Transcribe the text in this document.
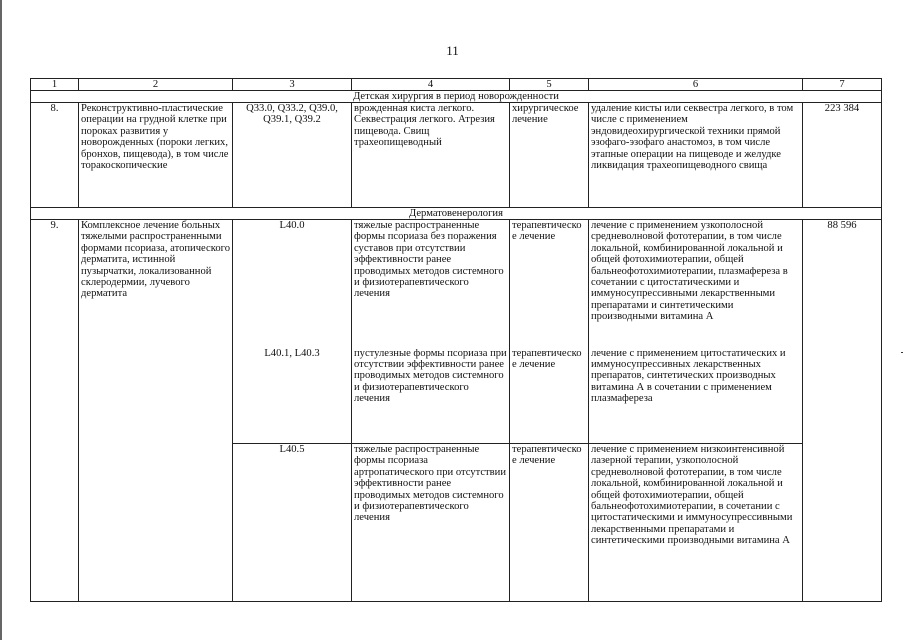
11
1	2	3	4	5	6	7
Детская хирургия в период новорожденности						
8.	Реконструктивно-пластические операции на грудной клетке при пороках развития у новорожденных (пороки легких, бронхов, пищевода), в том числе торакоскопические	Q33.0, Q33.2, Q39.0, Q39.1, Q39.2	врожденная киста легкого. Секвестрация легкого. Атрезия пищевода. Свищ трахеопищеводный	хирургическое лечение	удаление кисты или секвестра легкого, в том числе с применением эндовидеохирургической техники прямой эзофаго-эзофаго анастомоз, в том числе этапные операции на пищеводе и желудке ликвидация трахеопищеводного свища	223 384
Дерматовенерология						
9.	Комплексное лечение больных тяжелыми распространенными формами псориаза, атопического дерматита, истинной пузырчатки, локализованной склеродермии, лучевого дерматита	L40.0	тяжелые распространенные формы псориаза без поражения суставов при отсутствии эффективности ранее проводимых методов системного и физиотерапевтического лечения	терапевтическое лечение	лечение с применением узкополосной средневолновой фототерапии, в том числе локальной, комбинированной локальной и общей фотохимиотерапии, общей бальнеофотохимиотерапии, плазмафереза в сочетании с цитостатическими и иммуносупрессивными лекарственными препаратами и синтетическими производными витамина А	88 596
		L40.1, L40.3	пустулезные формы псориаза при отсутствии эффективности ранее проводимых методов системного и физиотерапевтического лечения	терапевтическое лечение	лечение с применением цитостатических и иммуносупрессивных лекарственных препаратов, синтетических производных витамина А в сочетании с применением плазмафереза	
		L40.5	тяжелые распространенные формы псориаза артропатического при отсутствии эффективности ранее проводимых методов системного и физиотерапевтического лечения	терапевтическое лечение	лечение с применением низкоинтенсивной лазерной терапии, узкополосной средневолновой фототерапии, в том числе локальной, комбинированной локальной и общей фотохимиотерапии, общей бальнеофотохимиотерапии, в сочетании с цитостатическими и иммуносупрессивными лекарственными препаратами и синтетическими производными витамина А	
